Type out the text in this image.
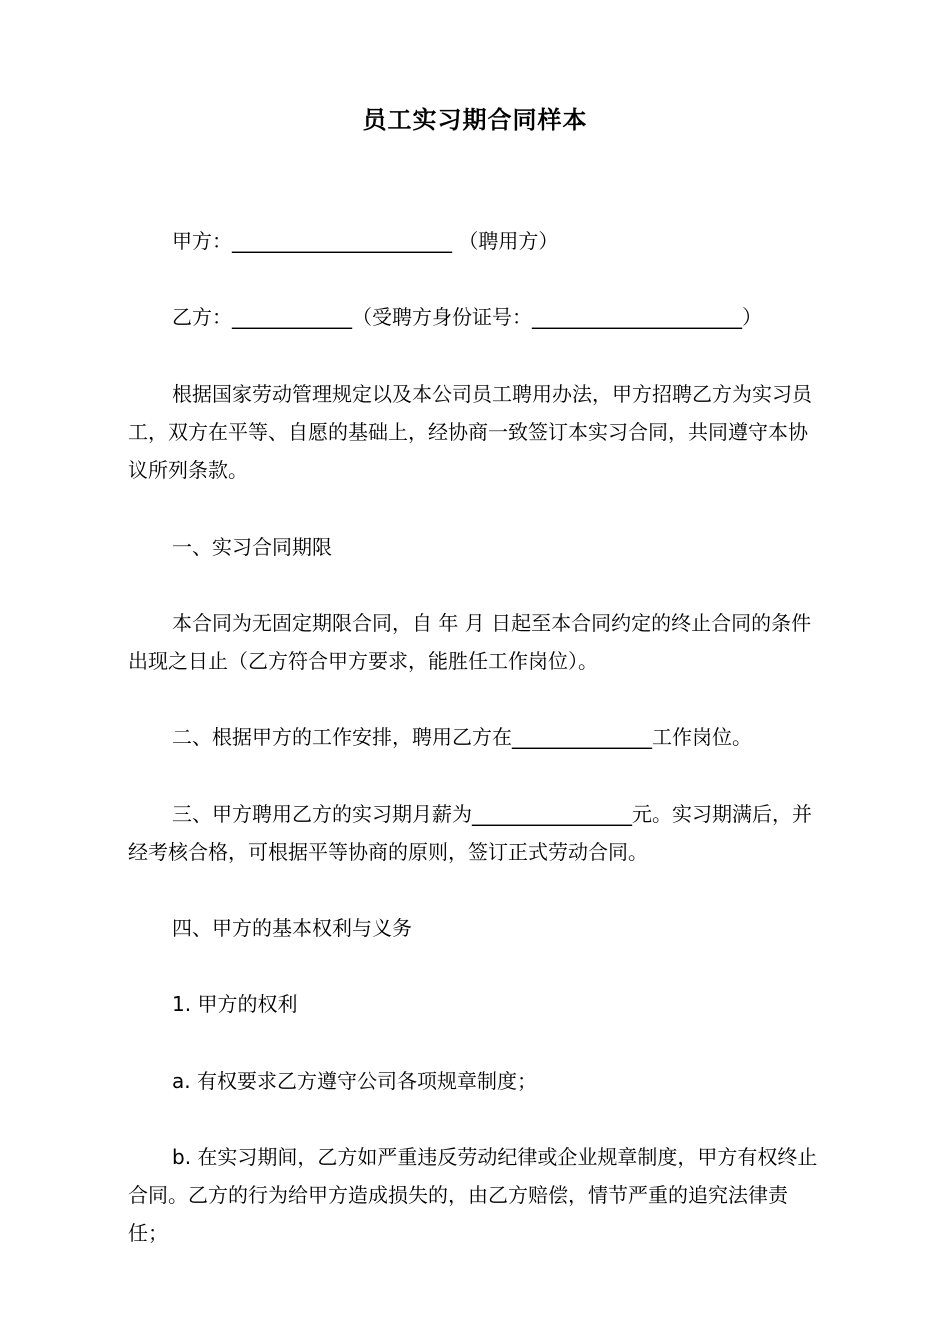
员工实习期合同样本
甲方：______________________ （聘用方）
乙方：____________（受聘方身份证号：_____________________）
根据国家劳动管理规定以及本公司员工聘用办法，甲方招聘乙方为实习员工，双方在平等、自愿的基础上，经协商一致签订本实习合同，共同遵守本协议所列条款。
一、实习合同期限
本合同为无固定期限合同，自 年 月 日起至本合同约定的终止合同的条件出现之日止（乙方符合甲方要求，能胜任工作岗位）。
二、根据甲方的工作安排，聘用乙方在______________工作岗位。
三、甲方聘用乙方的实习期月薪为________________元。实习期满后，并经考核合格，可根据平等协商的原则，签订正式劳动合同。
四、甲方的基本权利与义务
1. 甲方的权利
a. 有权要求乙方遵守公司各项规章制度；
b. 在实习期间，乙方如严重违反劳动纪律或企业规章制度，甲方有权终止合同。乙方的行为给甲方造成损失的，由乙方赔偿，情节严重的追究法律责任；
